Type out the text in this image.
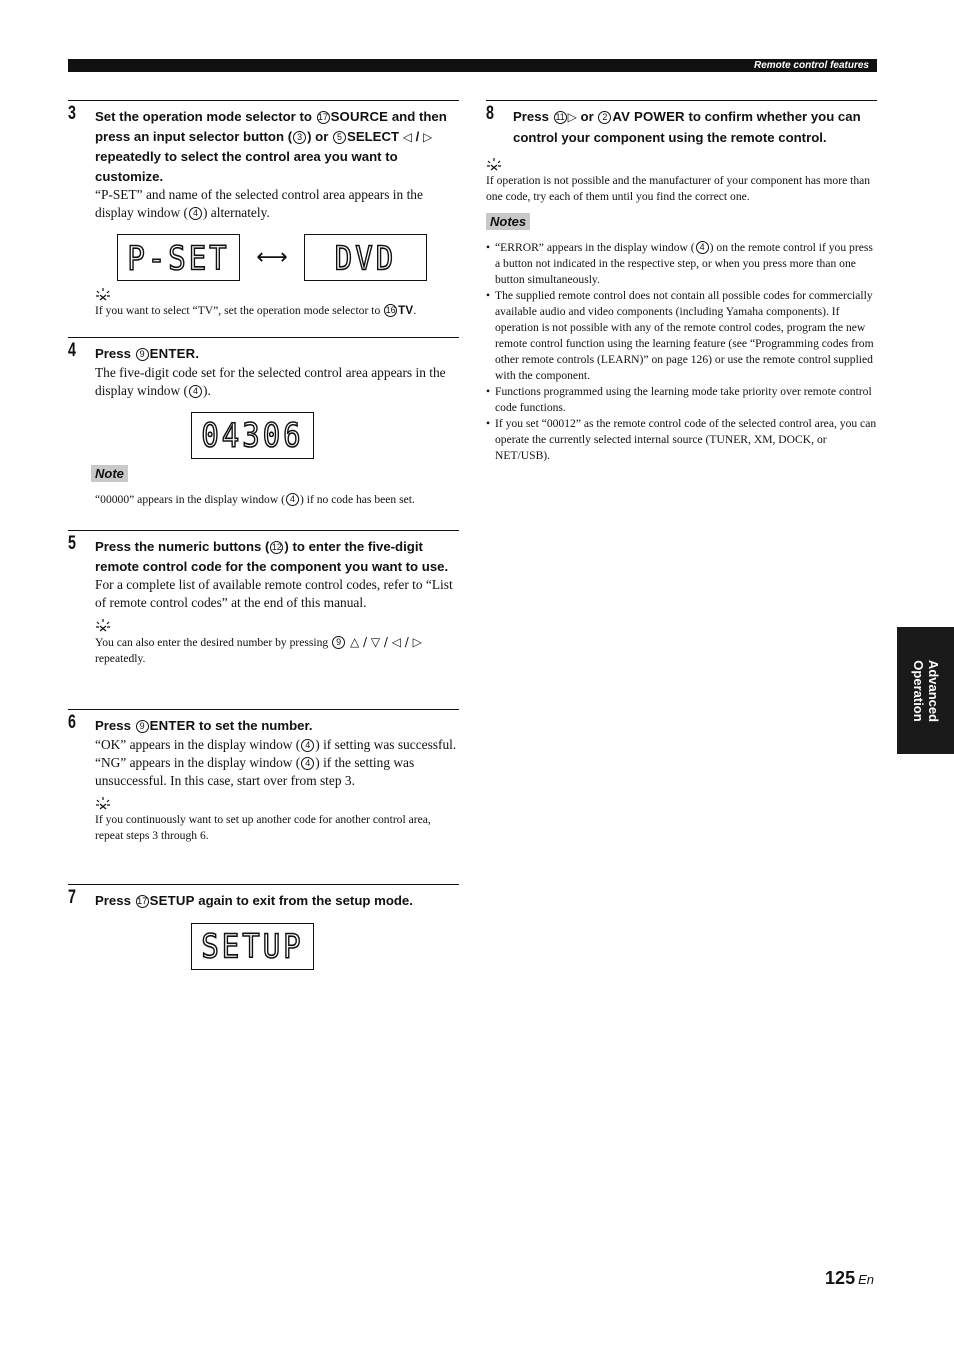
Remote control features
3 Set the operation mode selector to 17 SOURCE and then press an input selector button ( 3 ) or 5 SELECT ◁ / ▷ repeatedly to select the control area you want to customize.
“P-SET” and name of the selected control area appears in the display window ( 4 ) alternately.
P-SET	⟷	DVD
If you want to select “TV”, set the operation mode selector to 16 TV.
4 Press 9 ENTER.
The five-digit code set for the selected control area appears in the display window ( 4 ).
04306
Note
“00000” appears in the display window ( 4 ) if no code has been set.
5 Press the numeric buttons ( 12 ) to enter the five-digit remote control code for the component you want to use.
For a complete list of available remote control codes, refer to “List of remote control codes” at the end of this manual.
You can also enter the desired number by pressing 9 △ / ▽ / ◁ / ▷ repeatedly.
6 Press 9 ENTER to set the number.
“OK” appears in the display window ( 4 ) if setting was successful.
“NG” appears in the display window ( 4 ) if the setting was unsuccessful. In this case, start over from step 3.
If you continuously want to set up another code for another control area, repeat steps 3 through 6.
7 Press 17 SETUP again to exit from the setup mode.
SETUP
8 Press 11 ▷ or 2 AV POWER to confirm whether you can control your component using the remote control.
If operation is not possible and the manufacturer of your component has more than one code, try each of them until you find the correct one.
Notes
• “ERROR” appears in the display window ( 4 ) on the remote control if you press a button not indicated in the respective step, or when you press more than one button simultaneously.
• The supplied remote control does not contain all possible codes for commercially available audio and video components (including Yamaha components). If operation is not possible with any of the remote control codes, program the new remote control function using the learning feature (see “Programming codes from other remote controls (LEARN)” on page 126) or use the remote control supplied with the component.
• Functions programmed using the learning mode take priority over remote control code functions.
• If you set “00012” as the remote control code of the selected control area, you can operate the currently selected internal source (TUNER, XM, DOCK, or NET/USB).
Advanced
Operation
125 En
